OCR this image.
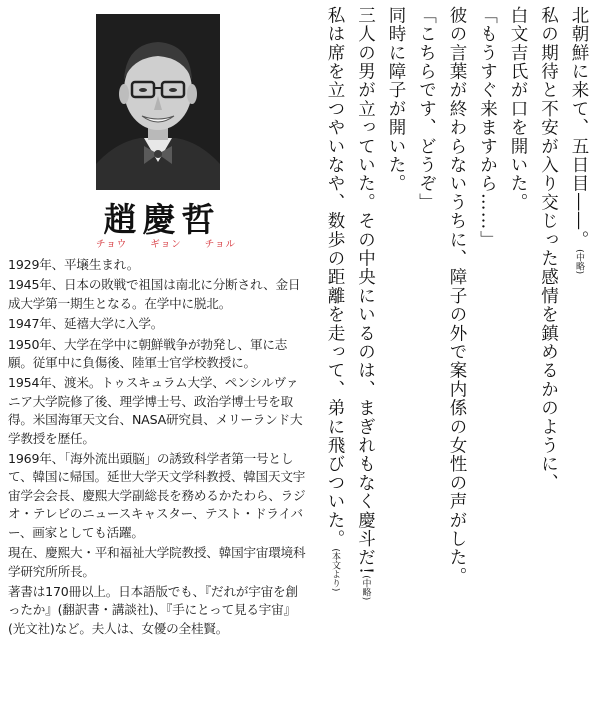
趙慶哲
チョウ ギョン チョル

1929年、平壌生まれ。

1945年、日本の敗戦で祖国は南北に分断され、金日成大学第一期生となる。在学中に脱北。

1947年、延禧大学に入学。

1950年、大学在学中に朝鮮戦争が勃発し、軍に志願。従軍中に負傷後、陸軍士官学校教授に。

1954年、渡米。トゥスキュラム大学、ペンシルヴァニア大学院修了後、理学博士号、政治学博士号を取得。米国海軍天文台、NASA研究員、メリーランド大学教授を歴任。

1969年、「海外流出頭脳」の誘致科学者第一号として、韓国に帰国。延世大学天文学科教授、韓国天文宇宙学会会長、慶熙大学副総長を務めるかたわら、ラジオ・テレビのニュースキャスター、テスト・ドライバー、画家としても活躍。

現在、慶熙大・平和福祉大学院教授、韓国宇宙環境科学研究所所長。

著書は170冊以上。日本語版でも、『だれが宇宙を創ったか』(翻訳書・講談社)、『手にとって見る宇宙』(光文社)など。夫人は、女優の全桂賢。

北朝鮮に来て、五日目――。(中略)

私の期待と不安が入り交じった感情を鎮めるかのように、

白文吉氏が口を開いた。

「もうすぐ来ますから……」

彼の言葉が終わらないうちに、障子の外で案内係の女性の声がした。

「こちらです、どうぞ」

同時に障子が開いた。

三人の男が立っていた。その中央にいるのは、まぎれもなく慶斗だ!(中略)

私は席を立つやいなや、数歩の距離を走って、弟に飛びついた。(本文より)
